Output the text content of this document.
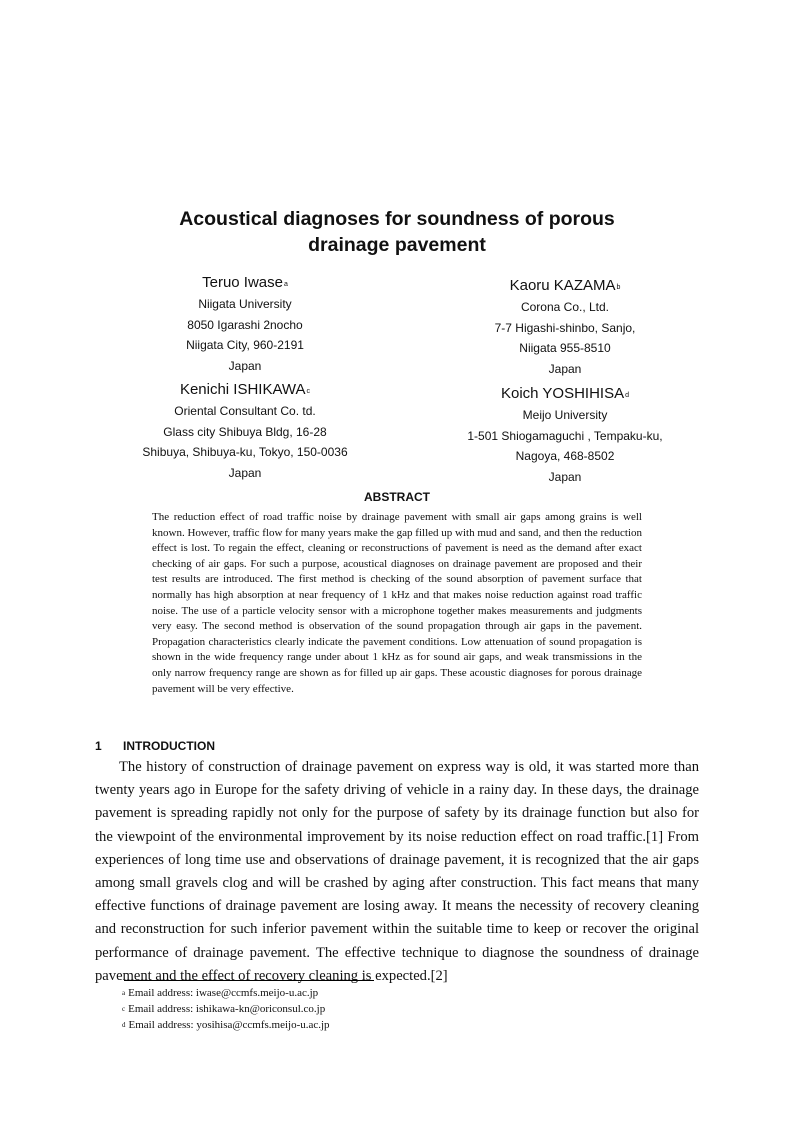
Acoustical diagnoses for soundness of porous
drainage pavement
Teruo Iwase$^a$
Niigata University
8050 Igarashi 2nocho
Niigata City, 960-2191
Japan
Kaoru KAZAMA$^b$
Corona Co., Ltd.
7-7 Higashi-shinbo, Sanjo,
Niigata 955-8510
Japan
Kenichi ISHIKAWA$^c$
Oriental Consultant Co. td.
Glass city Shibuya Bldg, 16-28
Shibuya, Shibuya-ku, Tokyo, 150-0036
Japan
Koich YOSHIHISA$^d$
Meijo University
1-501 Shiogamaguchi , Tempaku-ku,
Nagoya, 468-8502
Japan
ABSTRACT
The reduction effect of road traffic noise by drainage pavement with small air gaps among grains is well known. However, traffic flow for many years make the gap filled up with mud and sand, and then the reduction effect is lost. To regain the effect, cleaning or reconstructions of pavement is need as the demand after exact checking of air gaps. For such a purpose, acoustical diagnoses on drainage pavement are proposed and their test results are introduced. The first method is checking of the sound absorption of pavement surface that normally has high absorption at near frequency of 1 kHz and that makes noise reduction against road traffic noise. The use of a particle velocity sensor with a microphone together makes measurements and judgments very easy. The second method is observation of the sound propagation through air gaps in the pavement. Propagation characteristics clearly indicate the pavement conditions. Low attenuation of sound propagation is shown in the wide frequency range under about 1 kHz as for sound air gaps, and weak transmissions in the only narrow frequency range are shown as for filled up air gaps. These acoustic diagnoses for porous drainage pavement will be very effective.
1 INTRODUCTION
The history of construction of drainage pavement on express way is old, it was started more than twenty years ago in Europe for the safety driving of vehicle in a rainy day. In these days, the drainage pavement is spreading rapidly not only for the purpose of safety by its drainage function but also for the viewpoint of the environmental improvement by its noise reduction effect on road traffic.[1] From experiences of long time use and observations of drainage pavement, it is recognized that the air gaps among small gravels clog and will be crashed by aging after construction. This fact means that many effective functions of drainage pavement are losing away. It means the necessity of recovery cleaning and reconstruction for such inferior pavement within the suitable time to keep or recover the original performance of drainage pavement. The effective technique to diagnose the soundness of drainage pavement and the effect of recovery cleaning is expected.[2]
$^a$ Email address: iwase@ccmfs.meijo-u.ac.jp
$^c$ Email address: ishikawa-kn@oriconsul.co.jp
$^d$ Email address: yosihisa@ccmfs.meijo-u.ac.jp
